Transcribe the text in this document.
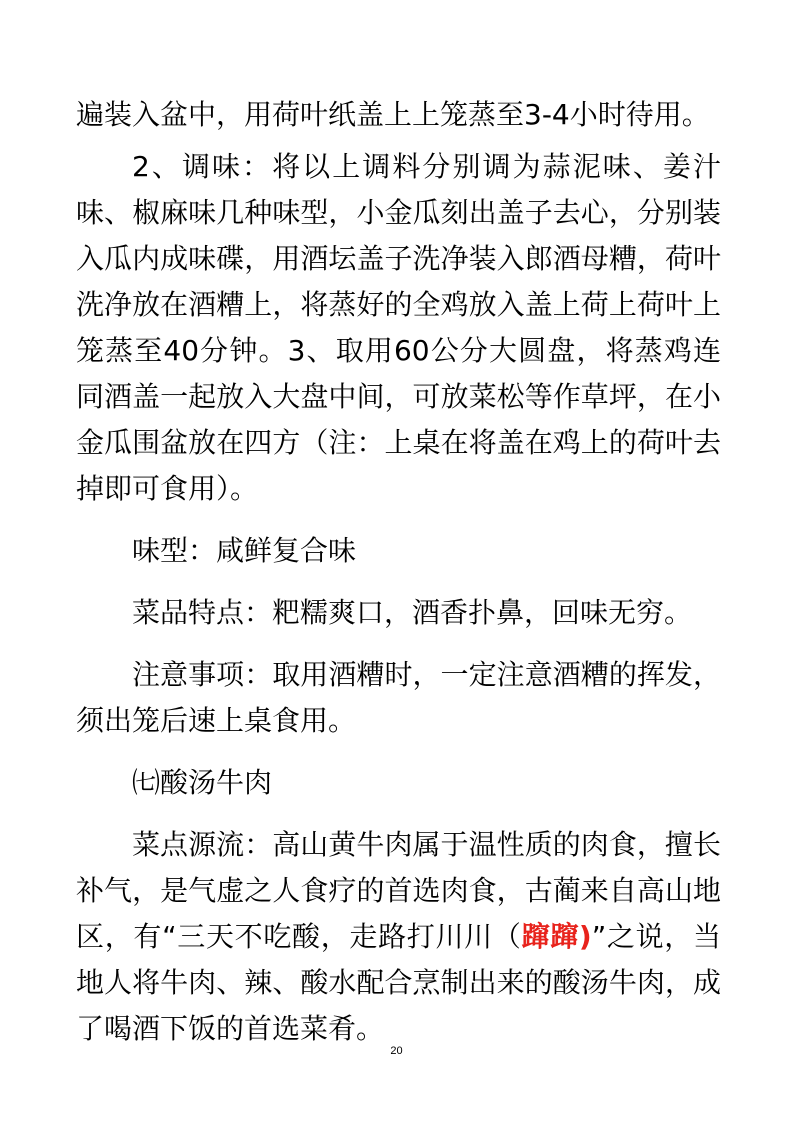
遍装入盆中，用荷叶纸盖上上笼蒸至3-4小时待用。

2、调味：将以上调料分别调为蒜泥味、姜汁味、椒麻味几种味型，小金瓜刻出盖子去心，分别装入瓜内成味碟，用酒坛盖子洗净装入郎酒母糟，荷叶洗净放在酒糟上，将蒸好的全鸡放入盖上荷上荷叶上笼蒸至40分钟。3、取用60公分大圆盘，将蒸鸡连同酒盖一起放入大盘中间，可放菜松等作草坪，在小金瓜围盆放在四方（注：上桌在将盖在鸡上的荷叶去掉即可食用）。

味型：咸鲜复合味

菜品特点：粑糯爽口，酒香扑鼻，回味无穷。

注意事项：取用酒糟时，一定注意酒糟的挥发，须出笼后速上桌食用。

㈦酸汤牛肉

菜点源流：高山黄牛肉属于温性质的肉食，擅长补气，是气虚之人食疗的首选肉食，古蔺来自高山地区，有“三天不吃酸，走路打川川（蹿蹿)”之说，当地人将牛肉、辣、酸水配合烹制出来的酸汤牛肉，成了喝酒下饭的首选菜肴。

20
